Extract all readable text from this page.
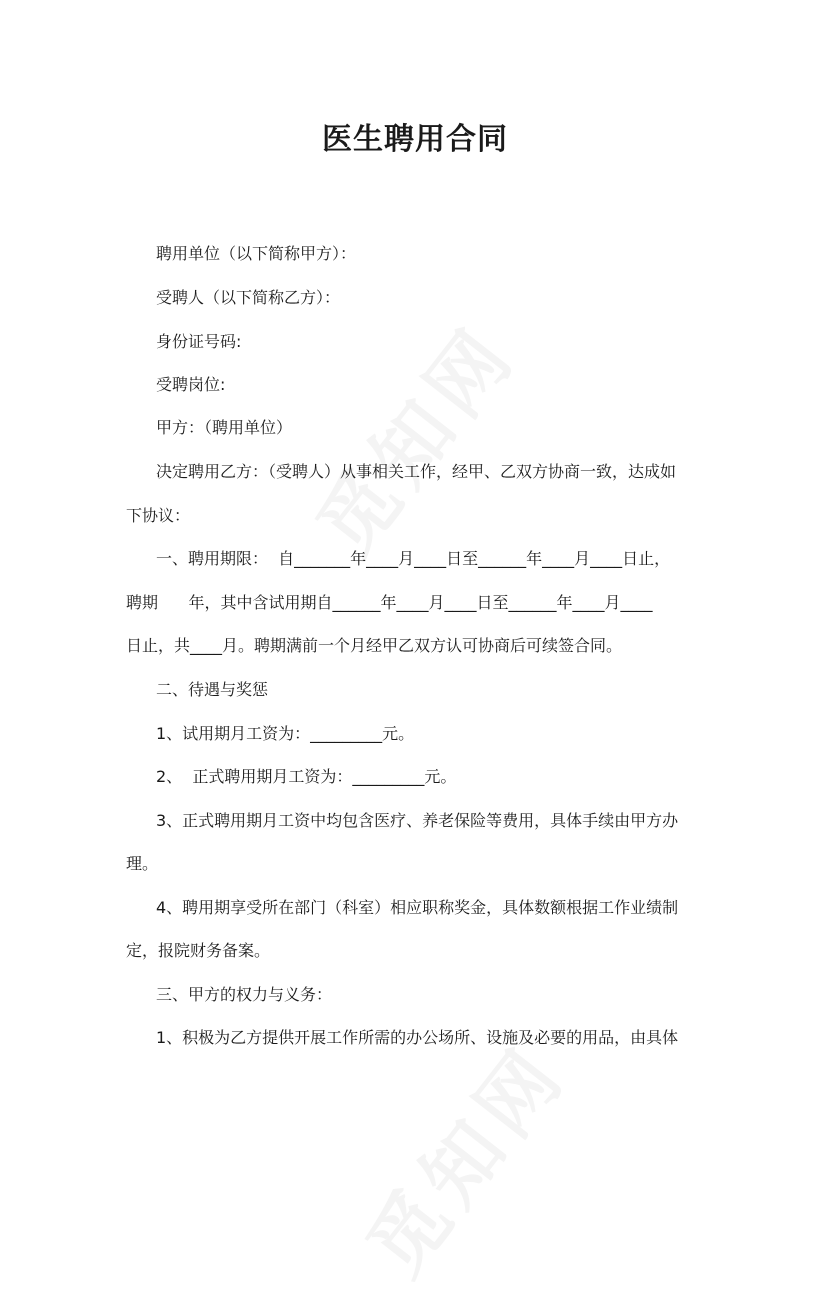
医生聘用合同

聘用单位（以下简称甲方）：

受聘人（以下简称乙方）：

身份证号码:

受聘岗位:

甲方：（聘用单位）

决定聘用乙方：（受聘人）从事相关工作，经甲、乙双方协商一致，达成如

下协议：

一、聘用期限：  自_______年____月____日至______年____月____日止，

聘期      年，其中含试用期自______年____月____日至______年____月____

日止，共____月。聘期满前一个月经甲乙双方认可协商后可续签合同。

二、待遇与奖惩

1、试用期月工资为：_________元。

2、  正式聘用期月工资为：_________元。

3、正式聘用期月工资中均包含医疗、养老保险等费用，具体手续由甲方办

理。

4、聘用期享受所在部门（科室）相应职称奖金，具体数额根据工作业绩制

定，报院财务备案。

三、甲方的权力与义务：

1、积极为乙方提供开展工作所需的办公场所、设施及必要的用品，由具体
